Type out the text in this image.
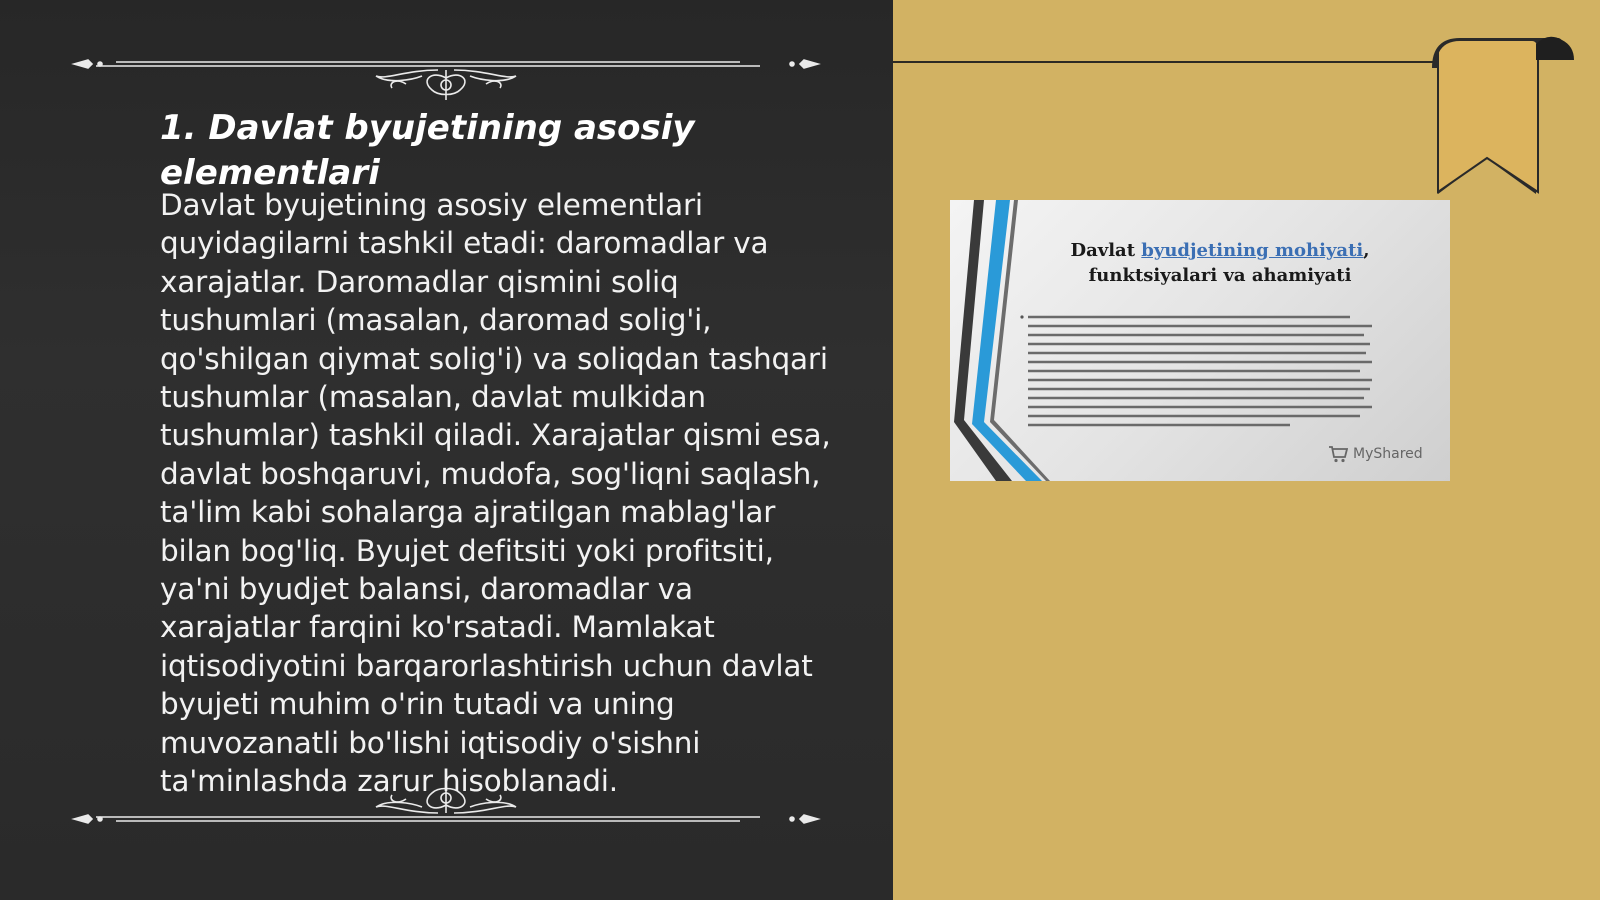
1. Davlat byujetining asosiy elementlari

Davlat byujetining asosiy elementlari quyidagilarni tashkil etadi: daromadlar va xarajatlar. Daromadlar qismini soliq tushumlari (masalan, daromad solig'i, qo'shilgan qiymat solig'i) va soliqdan tashqari tushumlar (masalan, davlat mulkidan tushumlar) tashkil qiladi. Xarajatlar qismi esa, davlat boshqaruvi, mudofa, sog'liqni saqlash, ta'lim kabi sohalarga ajratilgan mablag'lar bilan bog'liq. Byujet defitsiti yoki profitsiti, ya'ni byudjet balansi, daromadlar va xarajatlar farqini ko'rsatadi. Mamlakat iqtisodiyotini barqarorlashtirish uchun davlat byujeti muhim o'rin tutadi va uning muvozanatli bo'lishi iqtisodiy o'sishni ta'minlashda zarur hisoblanadi.

Davlat byudjetining mohiyati, funktsiyalari va ahamiyati
MyShared
